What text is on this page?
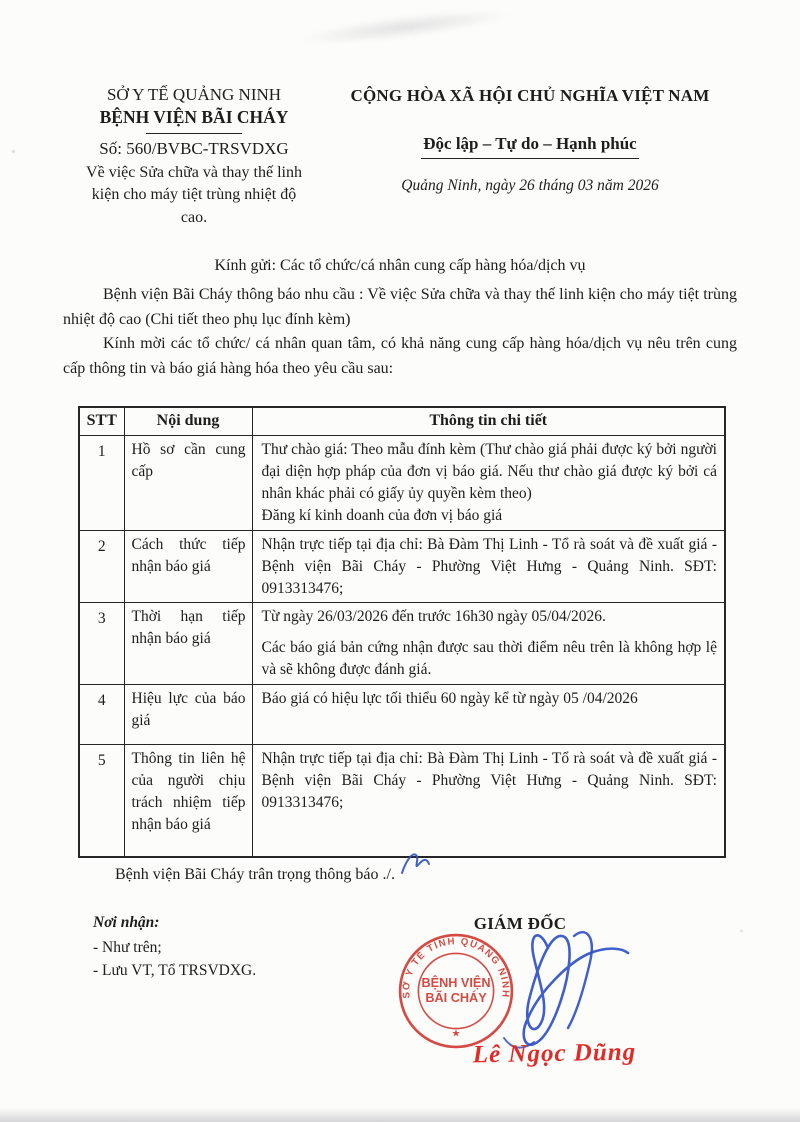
SỞ Y TẾ QUẢNG NINH
BỆNH VIỆN BÃI CHÁY
Số: 560/BVBC-TRSVDXG
Về việc Sửa chữa và thay thế linh kiện cho máy tiệt trùng nhiệt độ cao.
CỘNG HÒA XÃ HỘI CHỦ NGHĨA VIỆT NAM

Độc lập – Tự do – Hạnh phúc
Quảng Ninh, ngày 26 tháng 03 năm 2026
Kính gửi: Các tổ chức/cá nhân cung cấp hàng hóa/dịch vụ

Bệnh viện Bãi Cháy thông báo nhu cầu : Về việc Sửa chữa và thay thế linh kiện cho máy tiệt trùng nhiệt độ cao (Chi tiết theo phụ lục đính kèm)

Kính mời các tổ chức/ cá nhân quan tâm, có khả năng cung cấp hàng hóa/dịch vụ nêu trên cung cấp thông tin và báo giá hàng hóa theo yêu cầu sau:

STT	Nội dung	Thông tin chi tiết
1	Hồ sơ cần cung cấp	Thư chào giá: Theo mẫu đính kèm (Thư chào giá phải được ký bởi người đại diện hợp pháp của đơn vị báo giá. Nếu thư chào giá được ký bởi cá nhân khác phải có giấy ủy quyền kèm theo)

Đăng kí kinh doanh của đơn vị báo giá

2	Cách thức tiếp nhận báo giá	Nhận trực tiếp tại địa chỉ: Bà Đàm Thị Linh - Tổ rà soát và đề xuất giá - Bệnh viện Bãi Cháy - Phường Việt Hưng - Quảng Ninh. SĐT: 0913313476;

3	Thời hạn tiếp nhận báo giá	Từ ngày 26/03/2026 đến trước 16h30 ngày 05/04/2026.

Các báo giá bản cứng nhận được sau thời điểm nêu trên là không hợp lệ và sẽ không được đánh giá.

4	Hiệu lực của báo giá	Báo giá có hiệu lực tối thiểu 60 ngày kể từ ngày 05 /04/2026

5	Thông tin liên hệ của người chịu trách nhiệm tiếp nhận báo giá	Nhận trực tiếp tại địa chỉ: Bà Đàm Thị Linh - Tổ rà soát và đề xuất giá - Bệnh viện Bãi Cháy - Phường Việt Hưng - Quảng Ninh. SĐT: 0913313476;

Bệnh viện Bãi Cháy trân trọng thông báo ./.
Nơi nhận:
- Như trên;
- Lưu VT, Tổ TRSVDXG.
GIÁM ĐỐC
SỞ Y TẾ TỈNH QUẢNG NINH
BỆNH VIỆN
BÃI CHÁY
★
Lê Ngọc Dũng
